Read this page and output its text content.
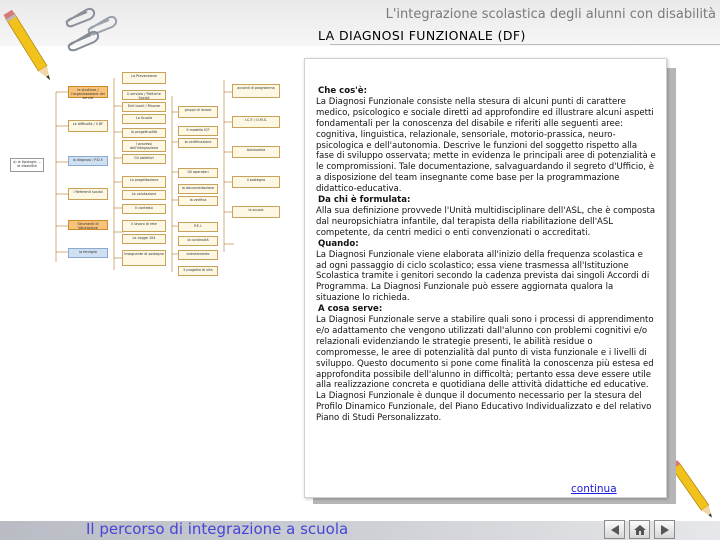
L'integrazione scolastica degli alunni con disabilità
LA DIAGNOSI FUNZIONALE (DF)
a) le tipologie ... di disabilità
le strutture / l'organizzazione dei servizi
Le difficoltà / il DF
la diagnosi / P.D.F.
i Referenti sociali
Strumenti di Valutazione
la famiglia
La Prevenzione
Il servizio / Politiche Sociali
Enti locali / Risorse
La Scuola
la progettualità
I processi dell'integrazione
Gli obiettivi
La progettazione
La valutazione
Il contesto
il lavoro di rete
La Legge 104
Insegnante di sostegno
gruppi di lavoro
Il modello ICF
la certificazione
Gli operatori
la documentazione
la verifica
P.E.I.
la continuità
orientamento
il progetto di vita
accordi di programma
I.C.F. / O.M.S.
Autonomia
il sostegno
la scuola

Che cos'è:

La Diagnosi Funzionale consiste nella stesura di alcuni punti di carattere medico, psicologico e sociale diretti ad approfondire ed illustrare alcuni aspetti fondamentali per la conoscenza del disabile e riferiti alle seguenti aree: cognitiva, linguistica, relazionale, sensoriale, motorio-prassica, neuro-psicologica e dell'autonomia. Descrive le funzioni del soggetto rispetto alla fase di sviluppo osservata; mette in evidenza le principali aree di potenzialità e le compromissioni. Tale documentazione, salvaguardando il segreto d'Ufficio, è a disposizione del team insegnante come base per la programmazione didattico-educativa.

Da chi è formulata:

Alla sua definizione provvede l'Unità multidisciplinare dell'ASL, che è composta dal neuropsichiatra infantile, dal terapista della riabilitazione dell'ASL competente, da centri medici o enti convenzionati o accreditati.

Quando:

La Diagnosi Funzionale viene elaborata all'inizio della frequenza scolastica e ad ogni passaggio di ciclo scolastico; essa viene trasmessa all'Istituzione Scolastica tramite i genitori secondo la cadenza prevista dai singoli Accordi di Programma. La Diagnosi Funzionale può essere aggiornata qualora la situazione lo richieda.

A cosa serve:

La Diagnosi Funzionale serve a stabilire quali sono i processi di apprendimento e/o adattamento che vengono utilizzati dall'alunno con problemi cognitivi e/o relazionali evidenziando le strategie presenti, le abilità residue o compromesse, le aree di potenzialità dal punto di vista funzionale e i livelli di sviluppo. Questo documento si pone come finalità la conoscenza più estesa ed approfondita possibile dell'alunno in difficoltà; pertanto essa deve essere utile alla realizzazione concreta e quotidiana delle attività didattiche ed educative. La Diagnosi Funzionale è dunque il documento necessario per la stesura del Profilo Dinamico Funzionale, del Piano Educativo Individualizzato e del relativo Piano di Studi Personalizzato.

continua
Il percorso di integrazione a scuola
